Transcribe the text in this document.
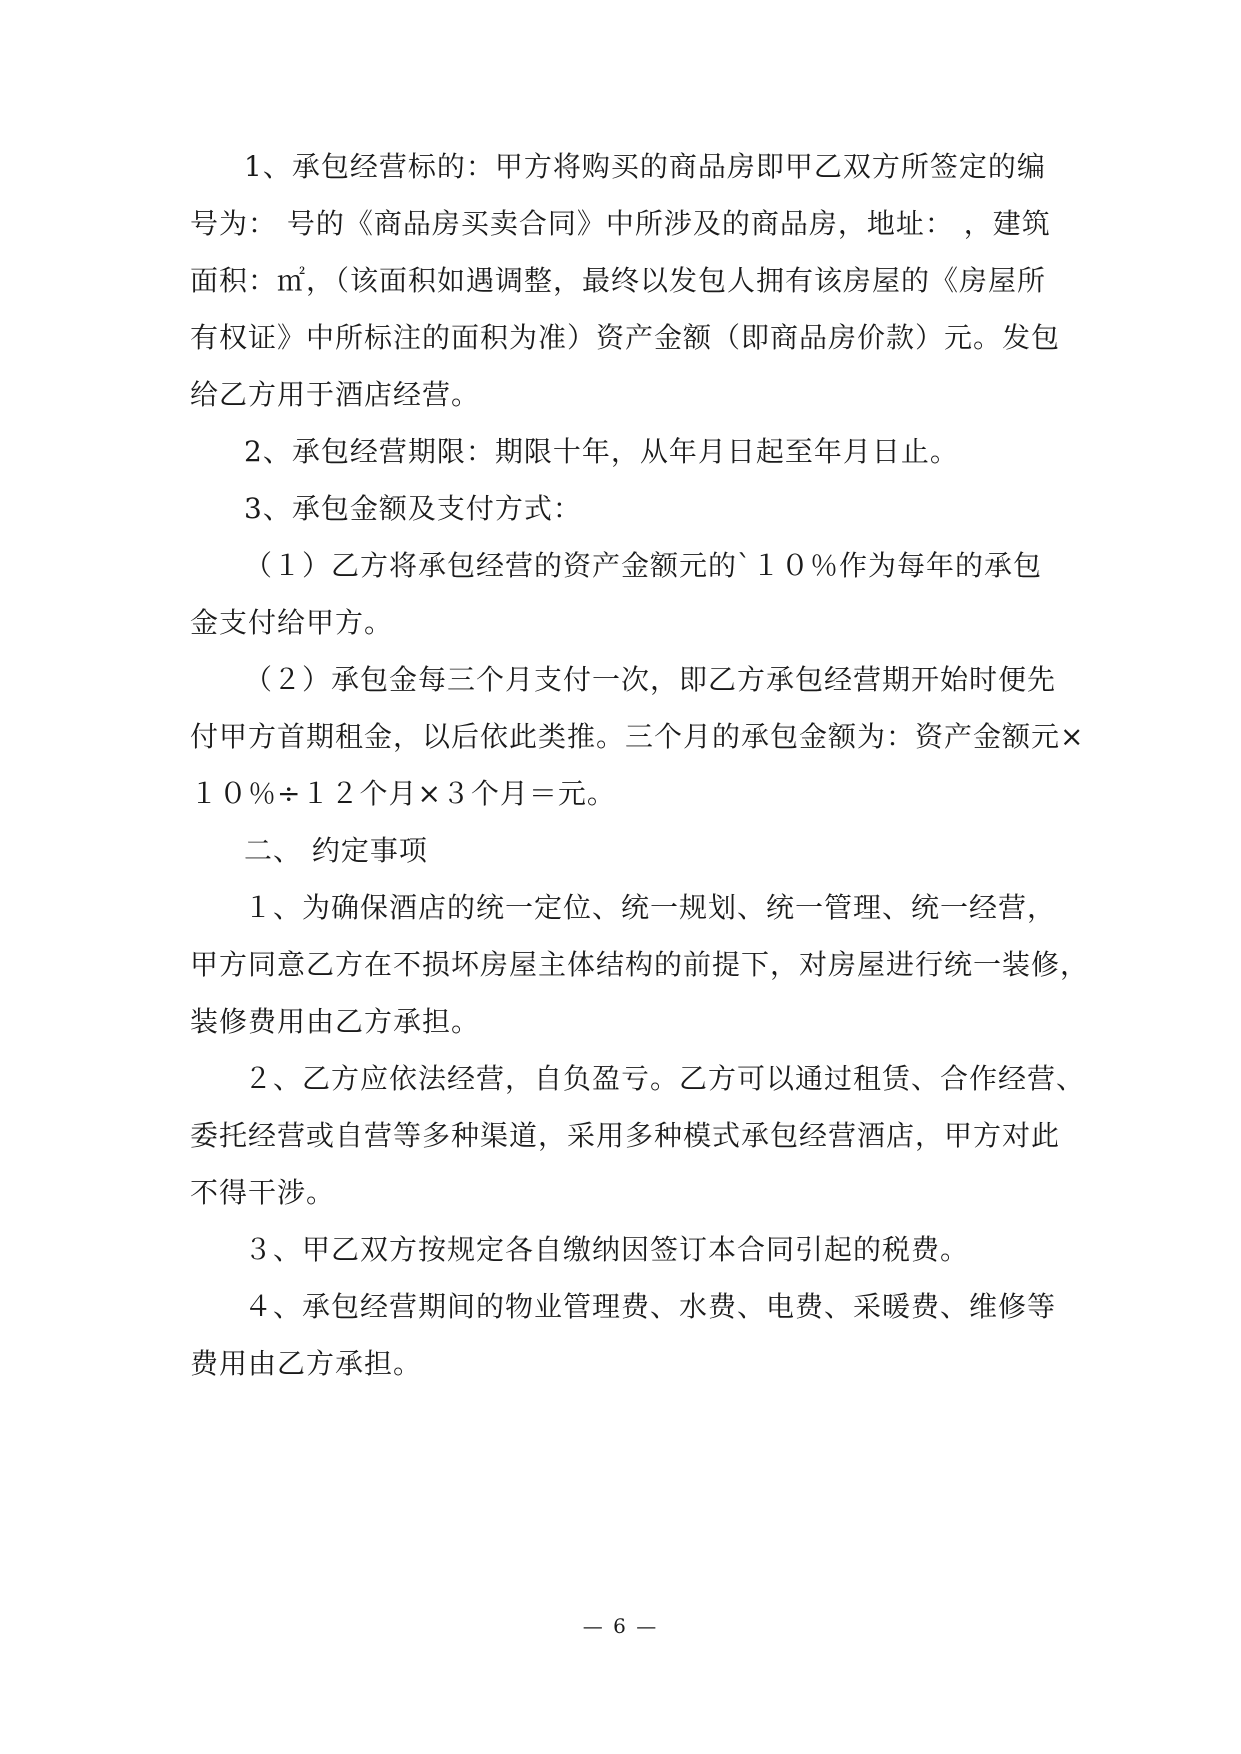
1、承包经营标的：甲方将购买的商品房即甲乙双方所签定的编
号为： 号的《商品房买卖合同》中所涉及的商品房，地址： ，建筑
面积：㎡，（该面积如遇调整，最终以发包人拥有该房屋的《房屋所
有权证》中所标注的面积为准）资产金额（即商品房价款）元。发包
给乙方用于酒店经营。
2、承包经营期限：期限十年，从年月日起至年月日止。
3、承包金额及支付方式：
（１）乙方将承包经营的资产金额元的`１０％作为每年的承包
金支付给甲方。
（２）承包金每三个月支付一次，即乙方承包经营期开始时便先
付甲方首期租金，以后依此类推。三个月的承包金额为：资产金额元×
１０％÷１２个月×３个月＝元。
二、 约定事项
１、为确保酒店的统一定位、统一规划、统一管理、统一经营，
甲方同意乙方在不损坏房屋主体结构的前提下，对房屋进行统一装修，
装修费用由乙方承担。
２、乙方应依法经营，自负盈亏。乙方可以通过租赁、合作经营、
委托经营或自营等多种渠道，采用多种模式承包经营酒店，甲方对此
不得干涉。
３、甲乙双方按规定各自缴纳因签订本合同引起的税费。
４、承包经营期间的物业管理费、水费、电费、采暖费、维修等
费用由乙方承担。
— 6 —
